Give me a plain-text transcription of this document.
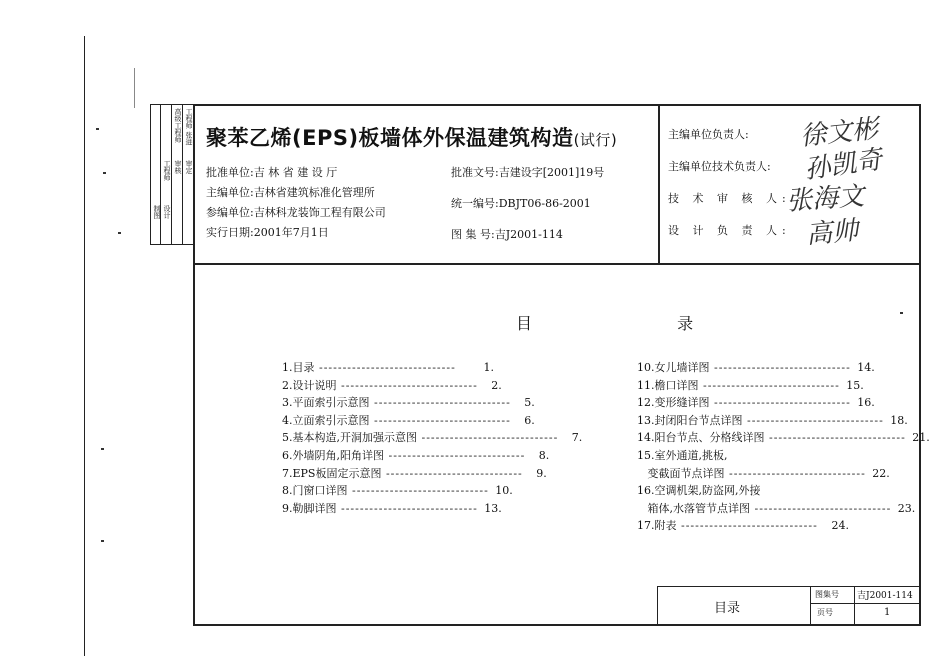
工程师 张进
审定
高级工程师
审核
工程师
设计
制图
聚苯乙烯(EPS)板墙体外保温建筑构造(试行)
批准单位:吉 林 省 建 设 厅
主编单位:吉林省建筑标准化管理所
参编单位:吉林科龙装饰工程有限公司
实行日期:2001年7月1日
批准文号:吉建设字[2001]19号
统一编号:DBJT06-86-2001
图 集 号:吉J2001-114
主编单位负责人: 徐文彬
主编单位技术负责人: 孙凯奇
技 术 审 核 人:
张海文
设 计 负 责 人: 高帅
目 录
1.目录 -----------------------------	1.
2.设计说明 -----------------------------	2.
3.平面索引示意图 -----------------------------	5.
4.立面索引示意图 -----------------------------	6.
5.基本构造,开洞加强示意图 -----------------------------	7.
6.外墙阴角,阳角详图 -----------------------------	8.
7.EPS板固定示意图 -----------------------------	9.
8.门窗口详图 ----------------------------- 10.
9.勒脚详图 ----------------------------- 13.
10.女儿墙详图 ----------------------------- 14.
11.檐口详图 ----------------------------- 15.
12.变形缝详图 ----------------------------- 16.
13.封闭阳台节点详图 ----------------------------- 18.
14.阳台节点、分格线详图 ----------------------------- 21.
15.室外通道,挑板,
变截面节点详图 ----------------------------- 22.
16.空调机架,防盗网,外接
箱体,水落管节点详图 ----------------------------- 23.
17.附表 -----------------------------	24.
目录
图集号 吉J2001-114
页号	1
